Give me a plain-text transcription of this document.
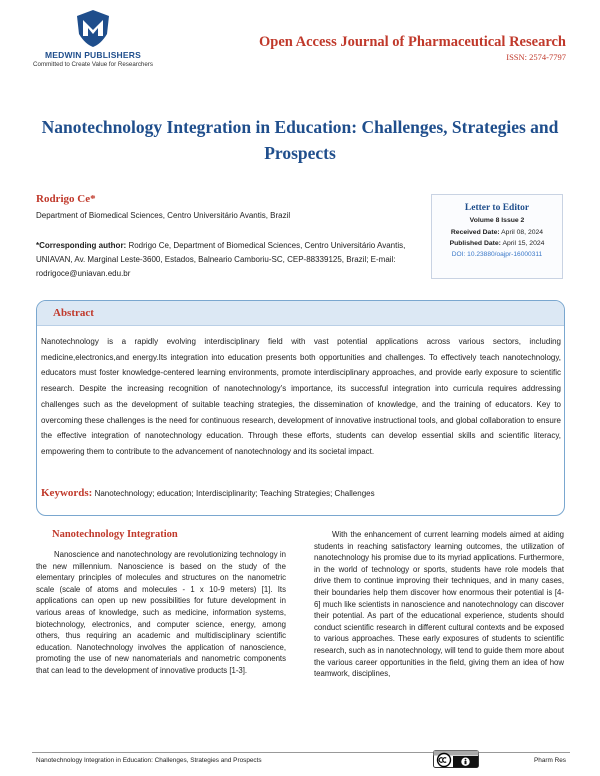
MEDWIN PUBLISHERS
Committed to Create Value for Researchers
Open Access Journal of Pharmaceutical Research
ISSN: 2574-7797
Nanotechnology Integration in Education: Challenges, Strategies and Prospects
Rodrigo Ce*
Department of Biomedical Sciences, Centro Universitário Avantis, Brazil
*Corresponding author: Rodrigo Ce, Department of Biomedical Sciences, Centro Universitário Avantis, UNIAVAN, Av. Marginal Leste-3600, Estados, Balneario Camboriu-SC, CEP-88339125, Brazil; E-mail: rodrigoce@uniavan.edu.br
Letter to Editor
Volume 8 Issue 2
Received Date: April 08, 2024
Published Date: April 15, 2024
DOI: 10.23880/oajpr-16000311
Abstract
Nanotechnology is a rapidly evolving interdisciplinary field with vast potential applications across various sectors, including medicine,electronics,and energy.Its integration into education presents both opportunities and challenges. To effectively teach nanotechnology, educators must foster knowledge-centered learning environments, promote interdisciplinary approaches, and provide early exposure to scientific research. Despite the increasing recognition of nanotechnology's importance, its successful integration into curricula requires addressing challenges such as the development of suitable teaching strategies, the dissemination of knowledge, and the training of educators. Key to overcoming these challenges is the need for continuous research, development of innovative instructional tools, and global collaboration to ensure the effective integration of nanotechnology education. Through these efforts, students can develop essential skills and scientific literacy, empowering them to contribute to the advancement of nanotechnology and its societal impact.
Keywords: Nanotechnology; education; Interdisciplinarity; Teaching Strategies; Challenges
Nanotechnology Integration
Nanoscience and nanotechnology are revolutionizing technology in the new millennium. Nanoscience is based on the study of the elementary principles of molecules and structures on the nanometric scale (scale of atoms and molecules - 1 x 10-9 meters) [1]. Its applications can open up new possibilities for future development in various areas of knowledge, such as medicine, information systems, biotechnology, electronics, and computer science, energy, among others, thus requiring an academic and multidisciplinary scientific education. Nanotechnology involves the application of nanoscience, promoting the use of new nanomaterials and nanometric components that can lead to the development of innovative products [1-3].
With the enhancement of current learning models aimed at aiding students in reaching satisfactory learning outcomes, the utilization of nanotechnology his promise due to its myriad applications. Furthermore, in the world of technology or sports, students have role models that drive them to continue improving their techniques, and in many cases, their boundaries help them discover how enormous their potential is [4-6] much like scientists in nanoscience and nanotechnology can discover their potential. As part of the educational experience, students should conduct scientific research in different cultural contexts and be exposed to various approaches. These early exposures of students to scientific research, such as in nanotechnology, will tend to guide them more about the various career opportunities in the field, giving them an idea of how teamwork, disciplines,
Nanotechnology Integration in Education: Challenges, Strategies and Prospects	Pharm Res
